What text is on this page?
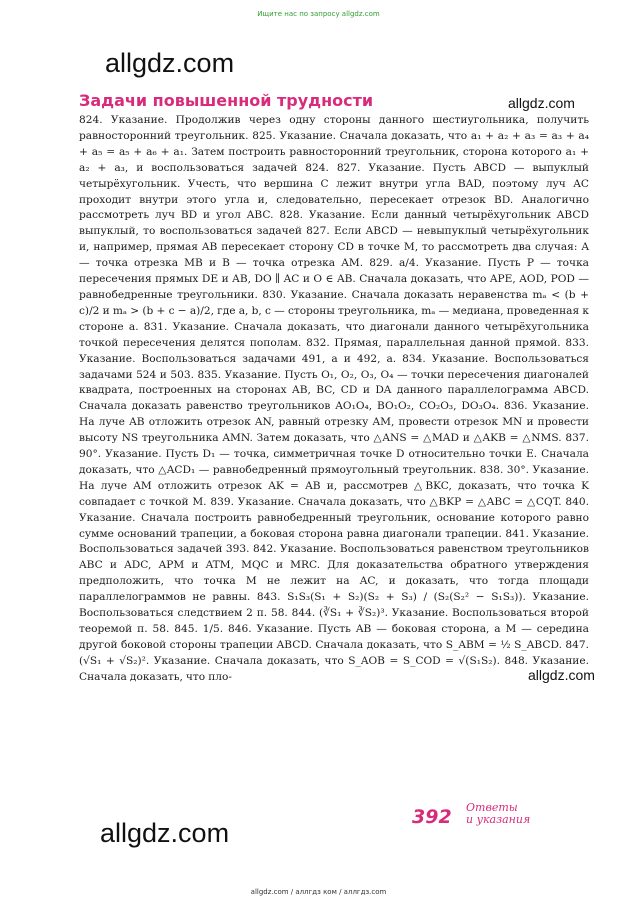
Ищите нас по запросу allgdz.com
allgdz.com
allgdz.com
Задачи повышенной трудности

824. Указание. Продолжив через одну стороны данного шестиугольника, получить равносторонний треугольник. 825. Указание. Сначала доказать, что a₁ + a₂ + a₃ = a₃ + a₄ + a₅ = a₅ + a₆ + a₁. Затем построить равносторонний треугольник, сторона которого a₁ + a₂ + a₃, и воспользоваться задачей 824. 827. Указание. Пусть ABCD — выпуклый четырёхугольник. Учесть, что вершина C лежит внутри угла BAD, поэтому луч AC проходит внутри этого угла и, следовательно, пересекает отрезок BD. Аналогично рассмотреть луч BD и угол ABC. 828. Указание. Если данный четырёхугольник ABCD выпуклый, то воспользоваться задачей 827. Если ABCD — невыпуклый четырёхугольник и, например, прямая AB пересекает сторону CD в точке M, то рассмотреть два случая: A — точка отрезка MB и B — точка отрезка AM. 829. a/4. Указание. Пусть P — точка пересечения прямых DE и AB, DO ∥ AC и O ∈ AB. Сначала доказать, что APE, AOD, POD — равнобедренные треугольники. 830. Указание. Сначала доказать неравенства mₐ < (b + c)/2 и mₐ > (b + c − a)/2, где a, b, c — стороны треугольника, mₐ — медиана, проведенная к стороне a. 831. Указание. Сначала доказать, что диагонали данного четырёхугольника точкой пересечения делятся пополам. 832. Прямая, параллельная данной прямой. 833. Указание. Воспользоваться задачами 491, а и 492, а. 834. Указание. Воспользоваться задачами 524 и 503. 835. Указание. Пусть O₁, O₂, O₃, O₄ — точки пересечения диагоналей квадрата, построенных на сторонах AB, BC, CD и DA данного параллелограмма ABCD. Сначала доказать равенство треугольников AO₁O₄, BO₁O₂, CO₂O₃, DO₃O₄. 836. Указание. На луче AB отложить отрезок AN, равный отрезку AM, провести отрезок MN и провести высоту NS треугольника AMN. Затем доказать, что △ANS = △MAD и △AKB = △NMS. 837. 90°. Указание. Пусть D₁ — точка, симметричная точке D относительно точки E. Сначала доказать, что △ACD₁ — равнобедренный прямоугольный треугольник. 838. 30°. Указание. На луче AM отложить отрезок AK = AB и, рассмотрев △BKC, доказать, что точка K совпадает с точкой M. 839. Указание. Сначала доказать, что △BKP = △ABC = △CQT. 840. Указание. Сначала построить равнобедренный треугольник, основание которого равно сумме оснований трапеции, а боковая сторона равна диагонали трапеции. 841. Указание. Воспользоваться задачей 393. 842. Указание. Воспользоваться равенством треугольников ABC и ADC, APM и ATM, MQC и MRC. Для доказательства обратного утверждения предположить, что точка M не лежит на AC, и доказать, что тогда площади параллелограммов не равны. 843. S₁S₃(S₁ + S₂)(S₂ + S₃) / (S₂(S₂² − S₁S₃)). Указание. Воспользоваться следствием 2 п. 58. 844. (∛S₁ + ∛S₂)³. Указание. Воспользоваться второй теоремой п. 58. 845. 1/5. 846. Указание. Пусть AB — боковая сторона, a M — середина другой боковой стороны трапеции ABCD. Сначала доказать, что S_ABM = ½ S_ABCD. 847. (√S₁ + √S₂)². Указание. Сначала доказать, что S_AOB = S_COD = √(S₁S₂). 848. Указание. Сначала доказать, что пло-	allgdz.com
allgdz.com
392 Ответы
и указания
allgdz.com / аллгдз ком / аллгдз.com
